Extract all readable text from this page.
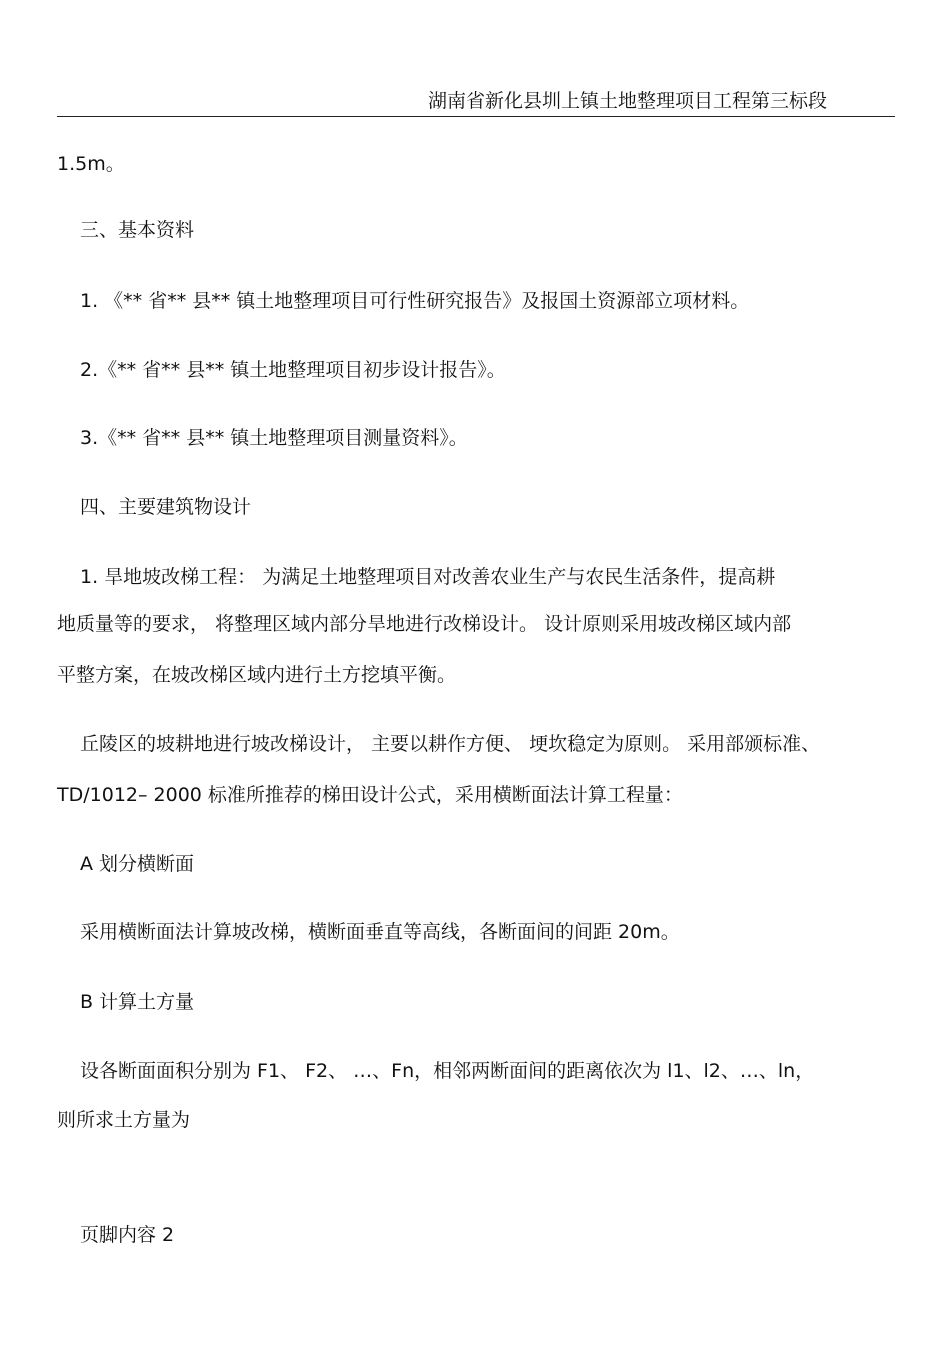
湖南省新化县圳上镇土地整理项目工程第三标段
1.5m。
三、基本资料
1. 《** 省** 县** 镇土地整理项目可行性研究报告》及报国土资源部立项材料。
2.《** 省** 县** 镇土地整理项目初步设计报告》。
3.《** 省** 县** 镇土地整理项目测量资料》。
四、主要建筑物设计
1. 旱地坡改梯工程： 为满足土地整理项目对改善农业生产与农民生活条件，提高耕
地质量等的要求， 将整理区域内部分旱地进行改梯设计。 设计原则采用坡改梯区域内部
平整方案，在坡改梯区域内进行土方挖填平衡。
丘陵区的坡耕地进行坡改梯设计， 主要以耕作方便、 埂坎稳定为原则。 采用部颁标准、
TD/1012– 2000 标准所推荐的梯田设计公式，采用横断面法计算工程量：
A 划分横断面
采用横断面法计算坡改梯，横断面垂直等高线，各断面间的间距 20m。
B 计算土方量
设各断面面积分别为 F1、 F2、 …、Fn，相邻两断面间的距离依次为 l1、l2、…、ln，
则所求土方量为
页脚内容 2
